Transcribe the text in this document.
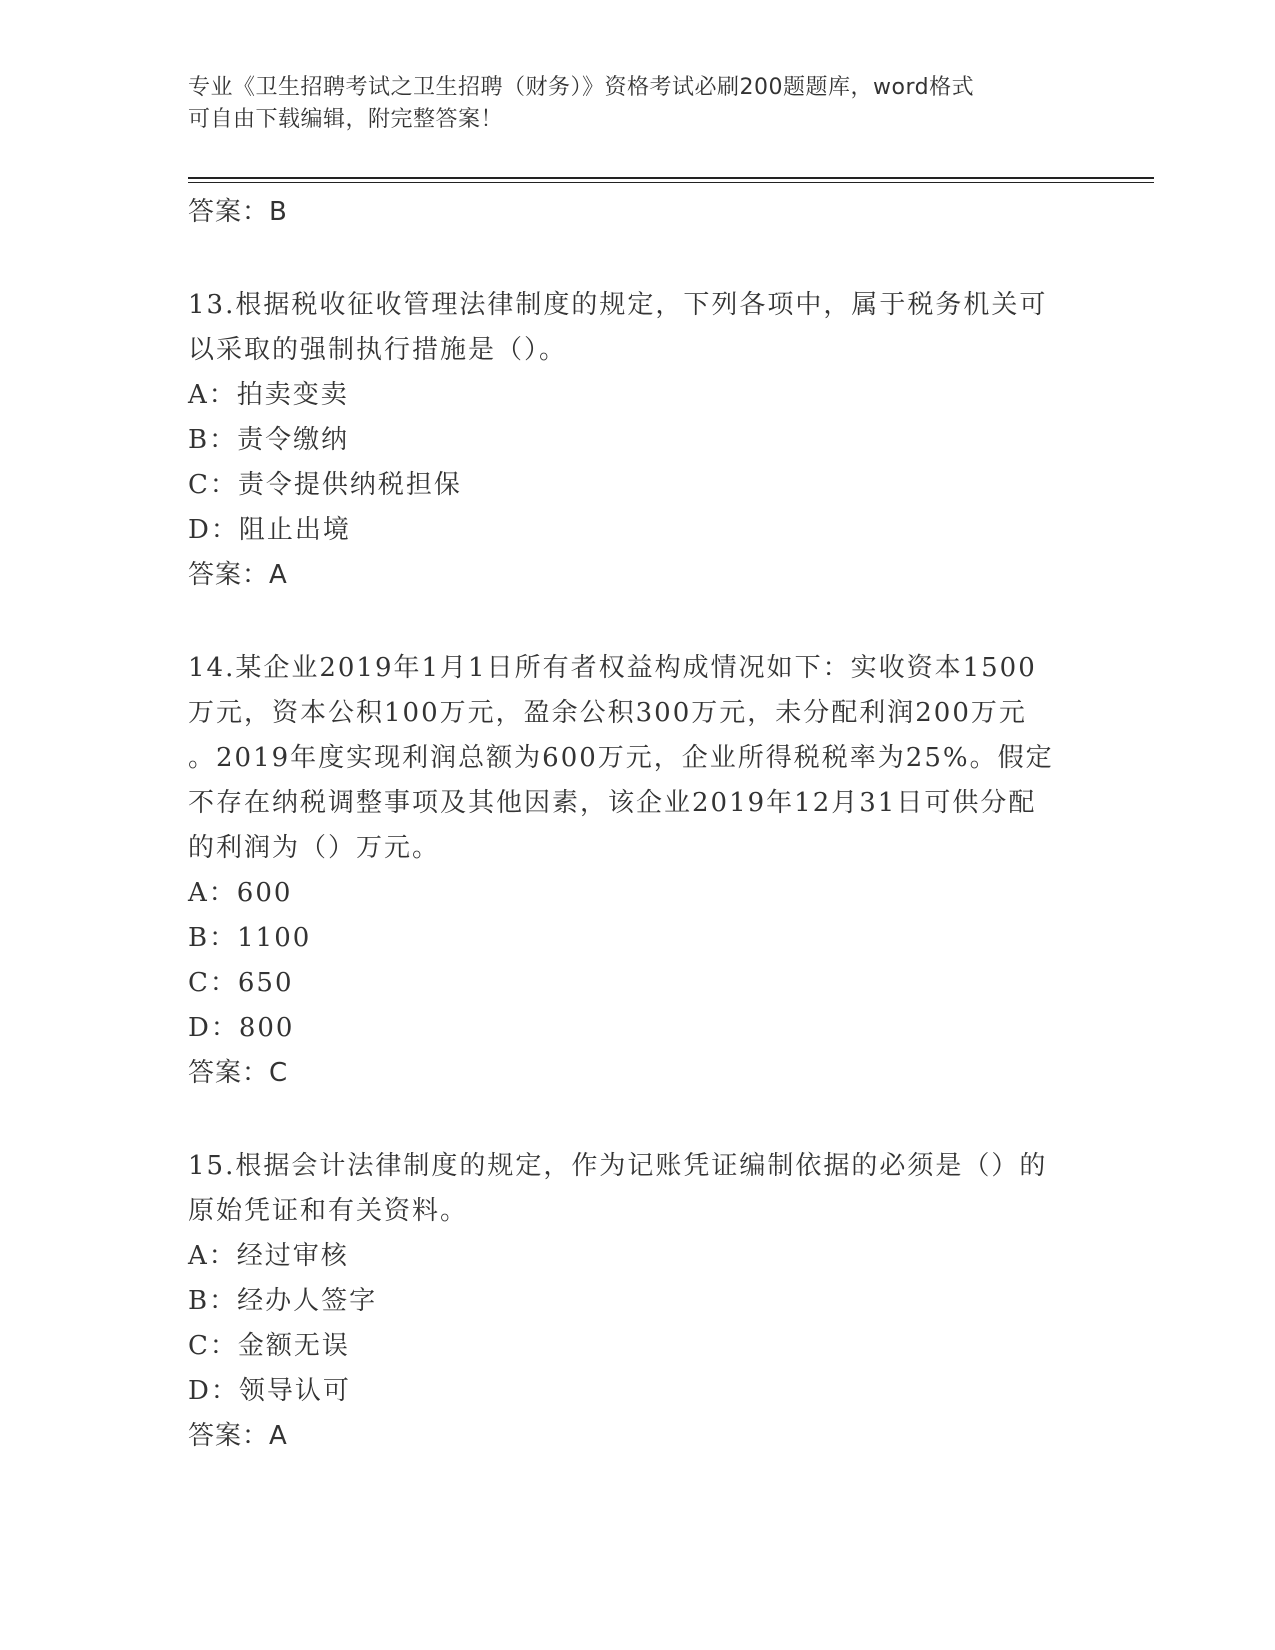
专业《卫生招聘考试之卫生招聘（财务）》资格考试必刷200题题库，word格式
可自由下载编辑，附完整答案！
答案：B
13.根据税收征收管理法律制度的规定，下列各项中，属于税务机关可
以采取的强制执行措施是（）。
A：拍卖变卖
B：责令缴纳
C：责令提供纳税担保
D：阻止出境
答案：A
14.某企业2019年1月1日所有者权益构成情况如下：实收资本1500
万元，资本公积100万元，盈余公积300万元，未分配利润200万元
。2019年度实现利润总额为600万元，企业所得税税率为25%。假定
不存在纳税调整事项及其他因素，该企业2019年12月31日可供分配
的利润为（）万元。
A：600
B：1100
C：650
D：800
答案：C
15.根据会计法律制度的规定，作为记账凭证编制依据的必须是（）的
原始凭证和有关资料。
A：经过审核
B：经办人签字
C：金额无误
D：领导认可
答案：A
